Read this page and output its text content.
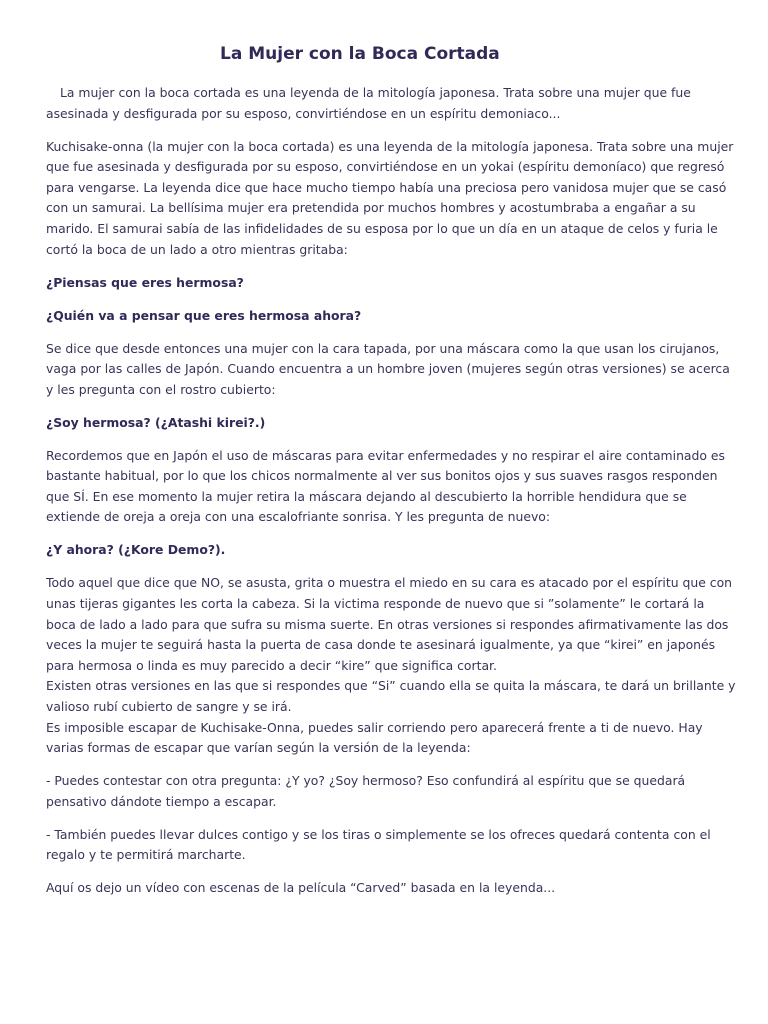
La Mujer con la Boca Cortada

La mujer con la boca cortada es una leyenda de la mitología japonesa. Trata sobre una mujer que fue asesinada y desfigurada por su esposo, convirtiéndose en un espíritu demoniaco...

Kuchisake-onna (la mujer con la boca cortada) es una leyenda de la mitología japonesa. Trata sobre una mujer que fue asesinada y desfigurada por su esposo, convirtiéndose en un yokai (espíritu demoníaco) que regresó para vengarse. La leyenda dice que hace mucho tiempo había una preciosa pero vanidosa mujer que se casó con un samurai. La bellísima mujer era pretendida por muchos hombres y acostumbraba a engañar a su marido. El samurai sabía de las infidelidades de su esposa por lo que un día en un ataque de celos y furia le cortó la boca de un lado a otro mientras gritaba:

¿Piensas que eres hermosa?

¿Quién va a pensar que eres hermosa ahora?

Se dice que desde entonces una mujer con la cara tapada, por una máscara como la que usan los cirujanos, vaga por las calles de Japón. Cuando encuentra a un hombre joven (mujeres según otras versiones) se acerca y les pregunta con el rostro cubierto:

¿Soy hermosa? (¿Atashi kirei?.)

Recordemos que en Japón el uso de máscaras para evitar enfermedades y no respirar el aire contaminado es bastante habitual, por lo que los chicos normalmente al ver sus bonitos ojos y sus suaves rasgos responden que SÍ. En ese momento la mujer retira la máscara dejando al descubierto la horrible hendidura que se extiende de oreja a oreja con una escalofriante sonrisa. Y les pregunta de nuevo:

¿Y ahora? (¿Kore Demo?).

Todo aquel que dice que NO, se asusta, grita o muestra el miedo en su cara es atacado por el espíritu que con unas tijeras gigantes les corta la cabeza. Si la victima responde de nuevo que si ”solamente” le cortará la boca de lado a lado para que sufra su misma suerte. En otras versiones si respondes afirmativamente las dos veces la mujer te seguirá hasta la puerta de casa donde te asesinará igualmente, ya que “kirei” en japonés para hermosa o linda es muy parecido a decir “kire” que significa cortar.

Existen otras versiones en las que si respondes que “Si” cuando ella se quita la máscara, te dará un brillante y valioso rubí cubierto de sangre y se irá.

Es imposible escapar de Kuchisake-Onna, puedes salir corriendo pero aparecerá frente a ti de nuevo. Hay varias formas de escapar que varían según la versión de la leyenda:

- Puedes contestar con otra pregunta: ¿Y yo? ¿Soy hermoso? Eso confundirá al espíritu que se quedará pensativo dándote tiempo a escapar.

- También puedes llevar dulces contigo y se los tiras o simplemente se los ofreces quedará contenta con el regalo y te permitirá marcharte.

Aquí os dejo un vídeo con escenas de la película “Carved” basada en la leyenda...
